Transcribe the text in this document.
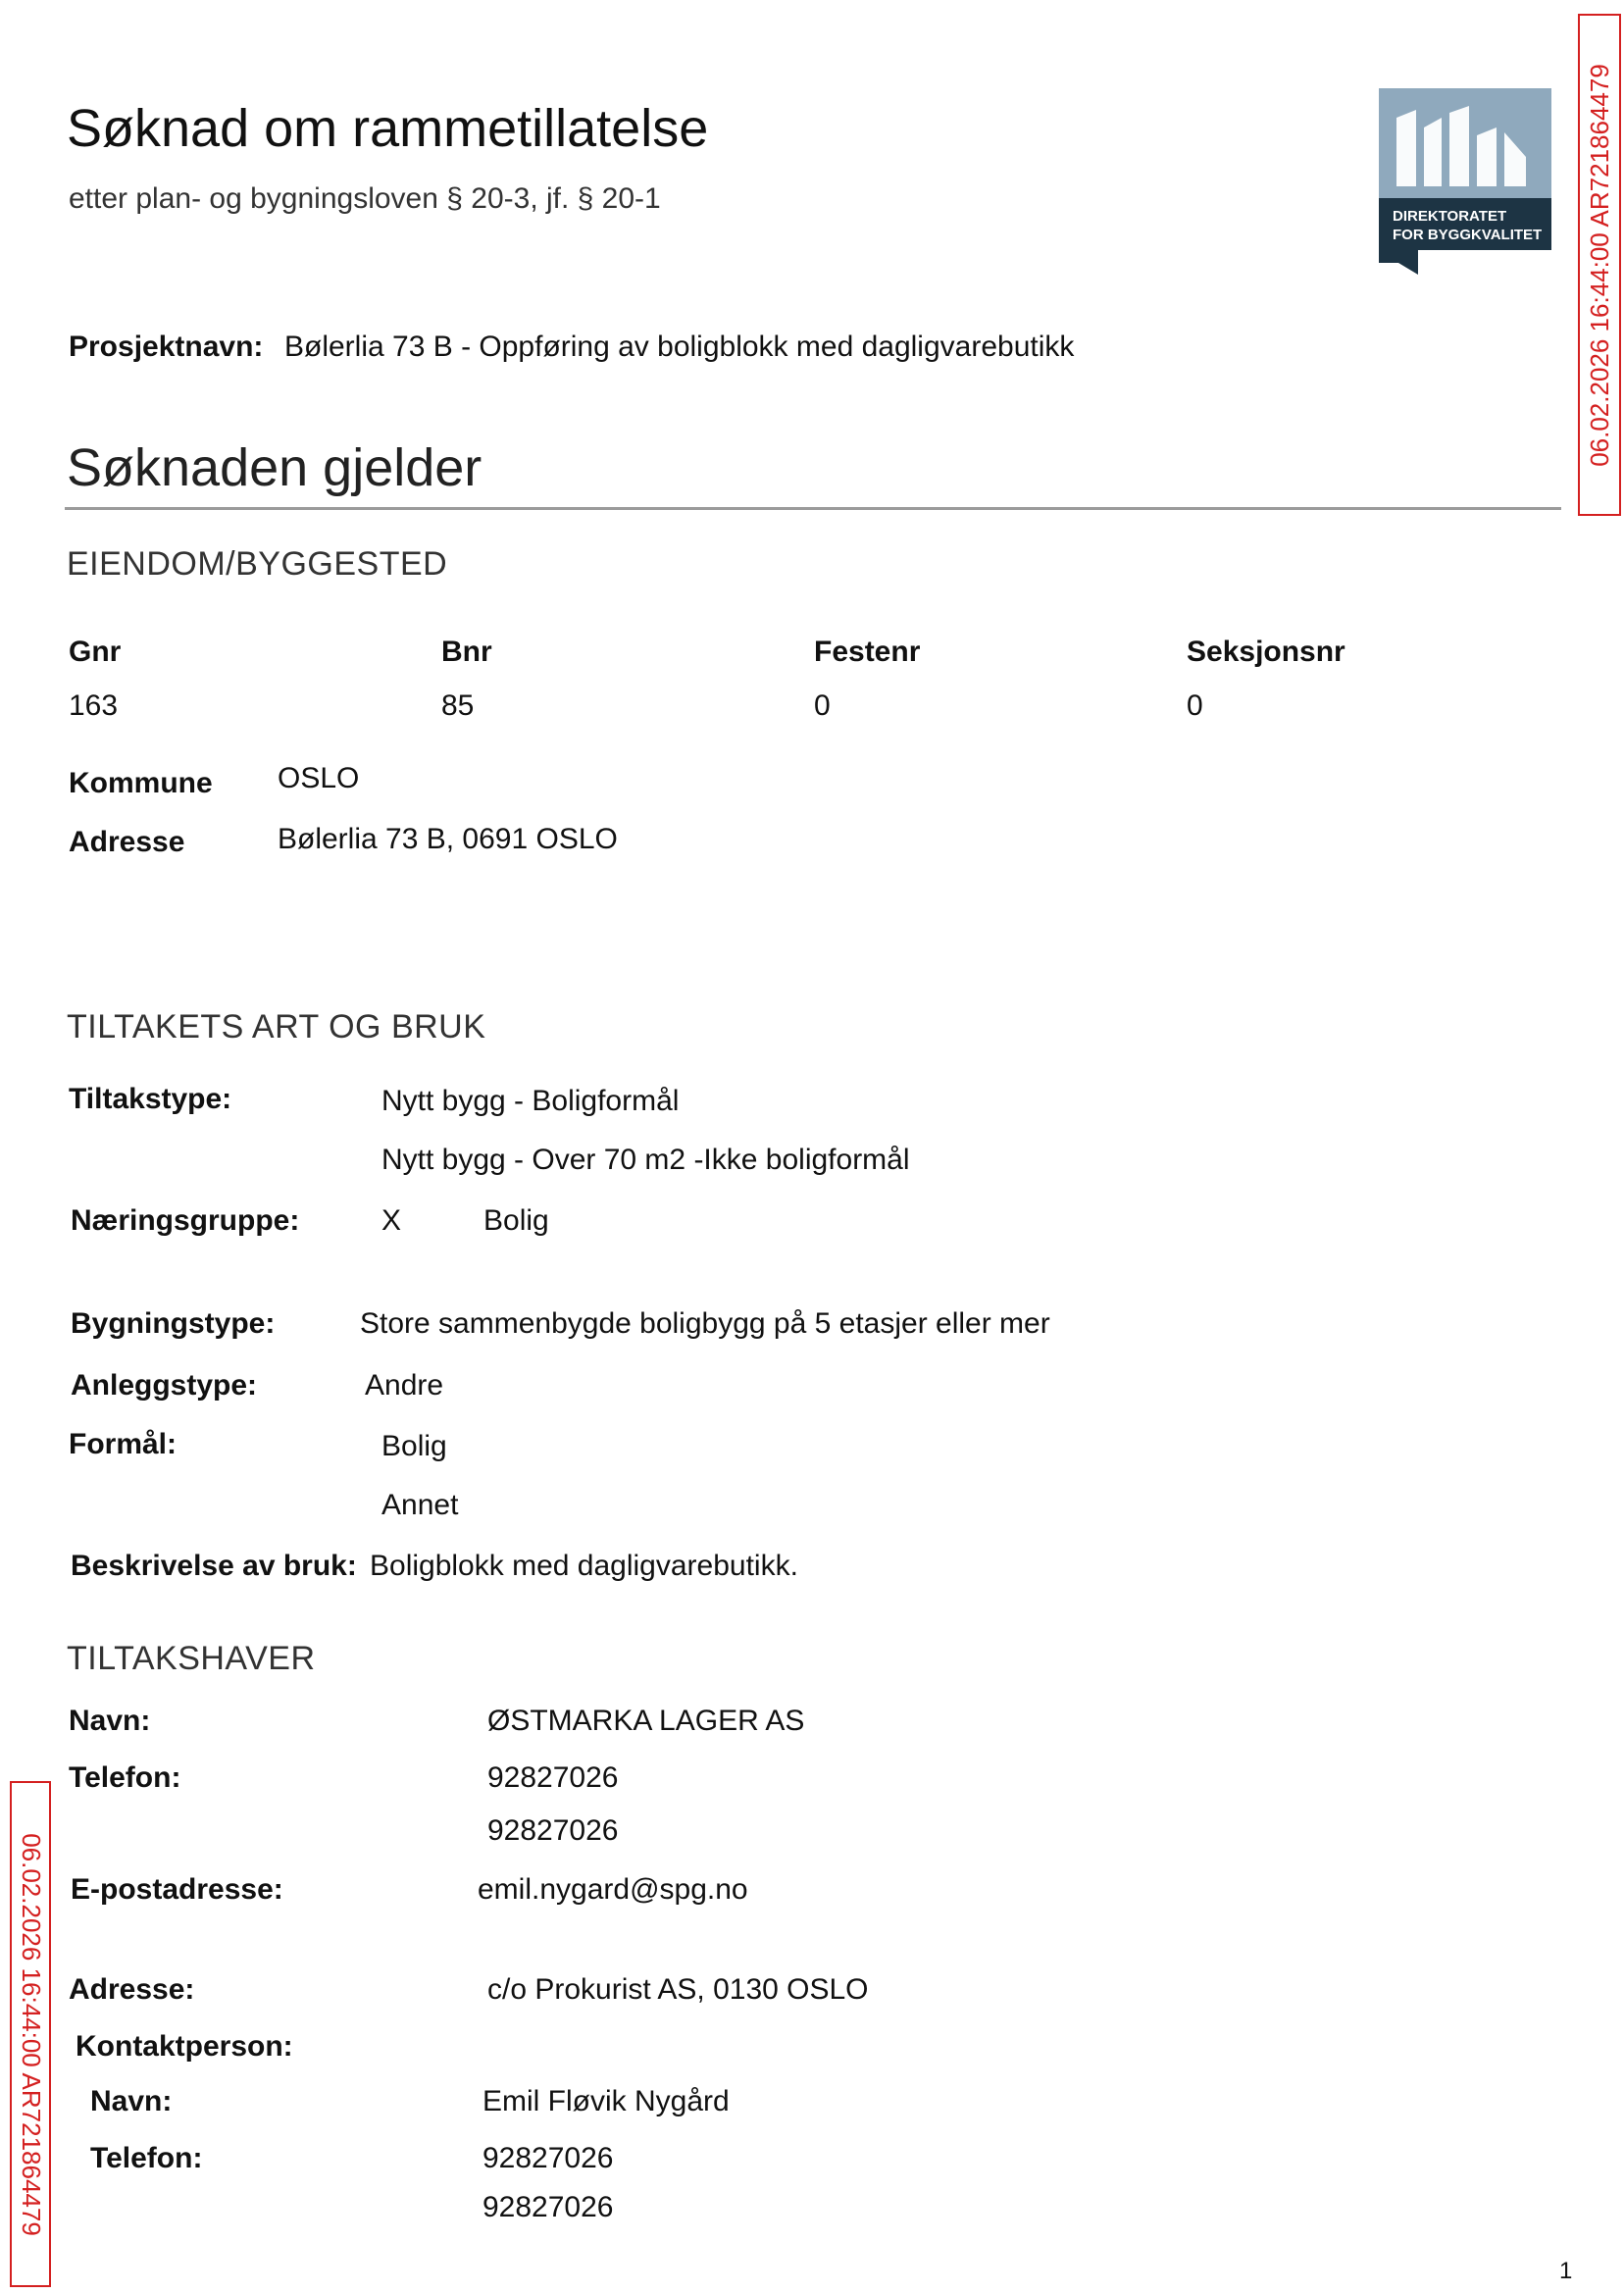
Søknad om rammetillatelse
etter plan- og bygningsloven § 20-3, jf. § 20-1
DIREKTORATET
FOR BYGGKVALITET
Prosjektnavn: Bølerlia 73 B - Oppføring av boligblokk med dagligvarebutikk
Søknaden gjelder
EIENDOM/BYGGESTED
Gnr	Bnr	Festenr	Seksjonsnr
163	85	0	0
Kommune OSLO
Adresse	Bølerlia 73 B, 0691 OSLO
TILTAKETS ART OG BRUK
Tiltakstype:	Nytt bygg - Boligformål
Nytt bygg - Over 70 m2 -Ikke boligformål
Næringsgruppe:	X	Bolig
Bygningstype:	Store sammenbygde boligbygg på 5 etasjer eller mer
Anleggstype:	Andre
Formål:	Bolig
Annet
Beskrivelse av bruk: Boligblokk med dagligvarebutikk.
TILTAKSHAVER
Navn:	ØSTMARKA LAGER AS
Telefon:	92827026
92827026
E-postadresse:	emil.nygard@spg.no
Adresse:	c/o Prokurist AS, 0130 OSLO
Kontaktperson:
Navn:	Emil Fløvik Nygård
Telefon:	92827026
92827026
06.02.2026 16:44:00 AR721864479
06.02.2026 16:44:00 AR721864479
1
